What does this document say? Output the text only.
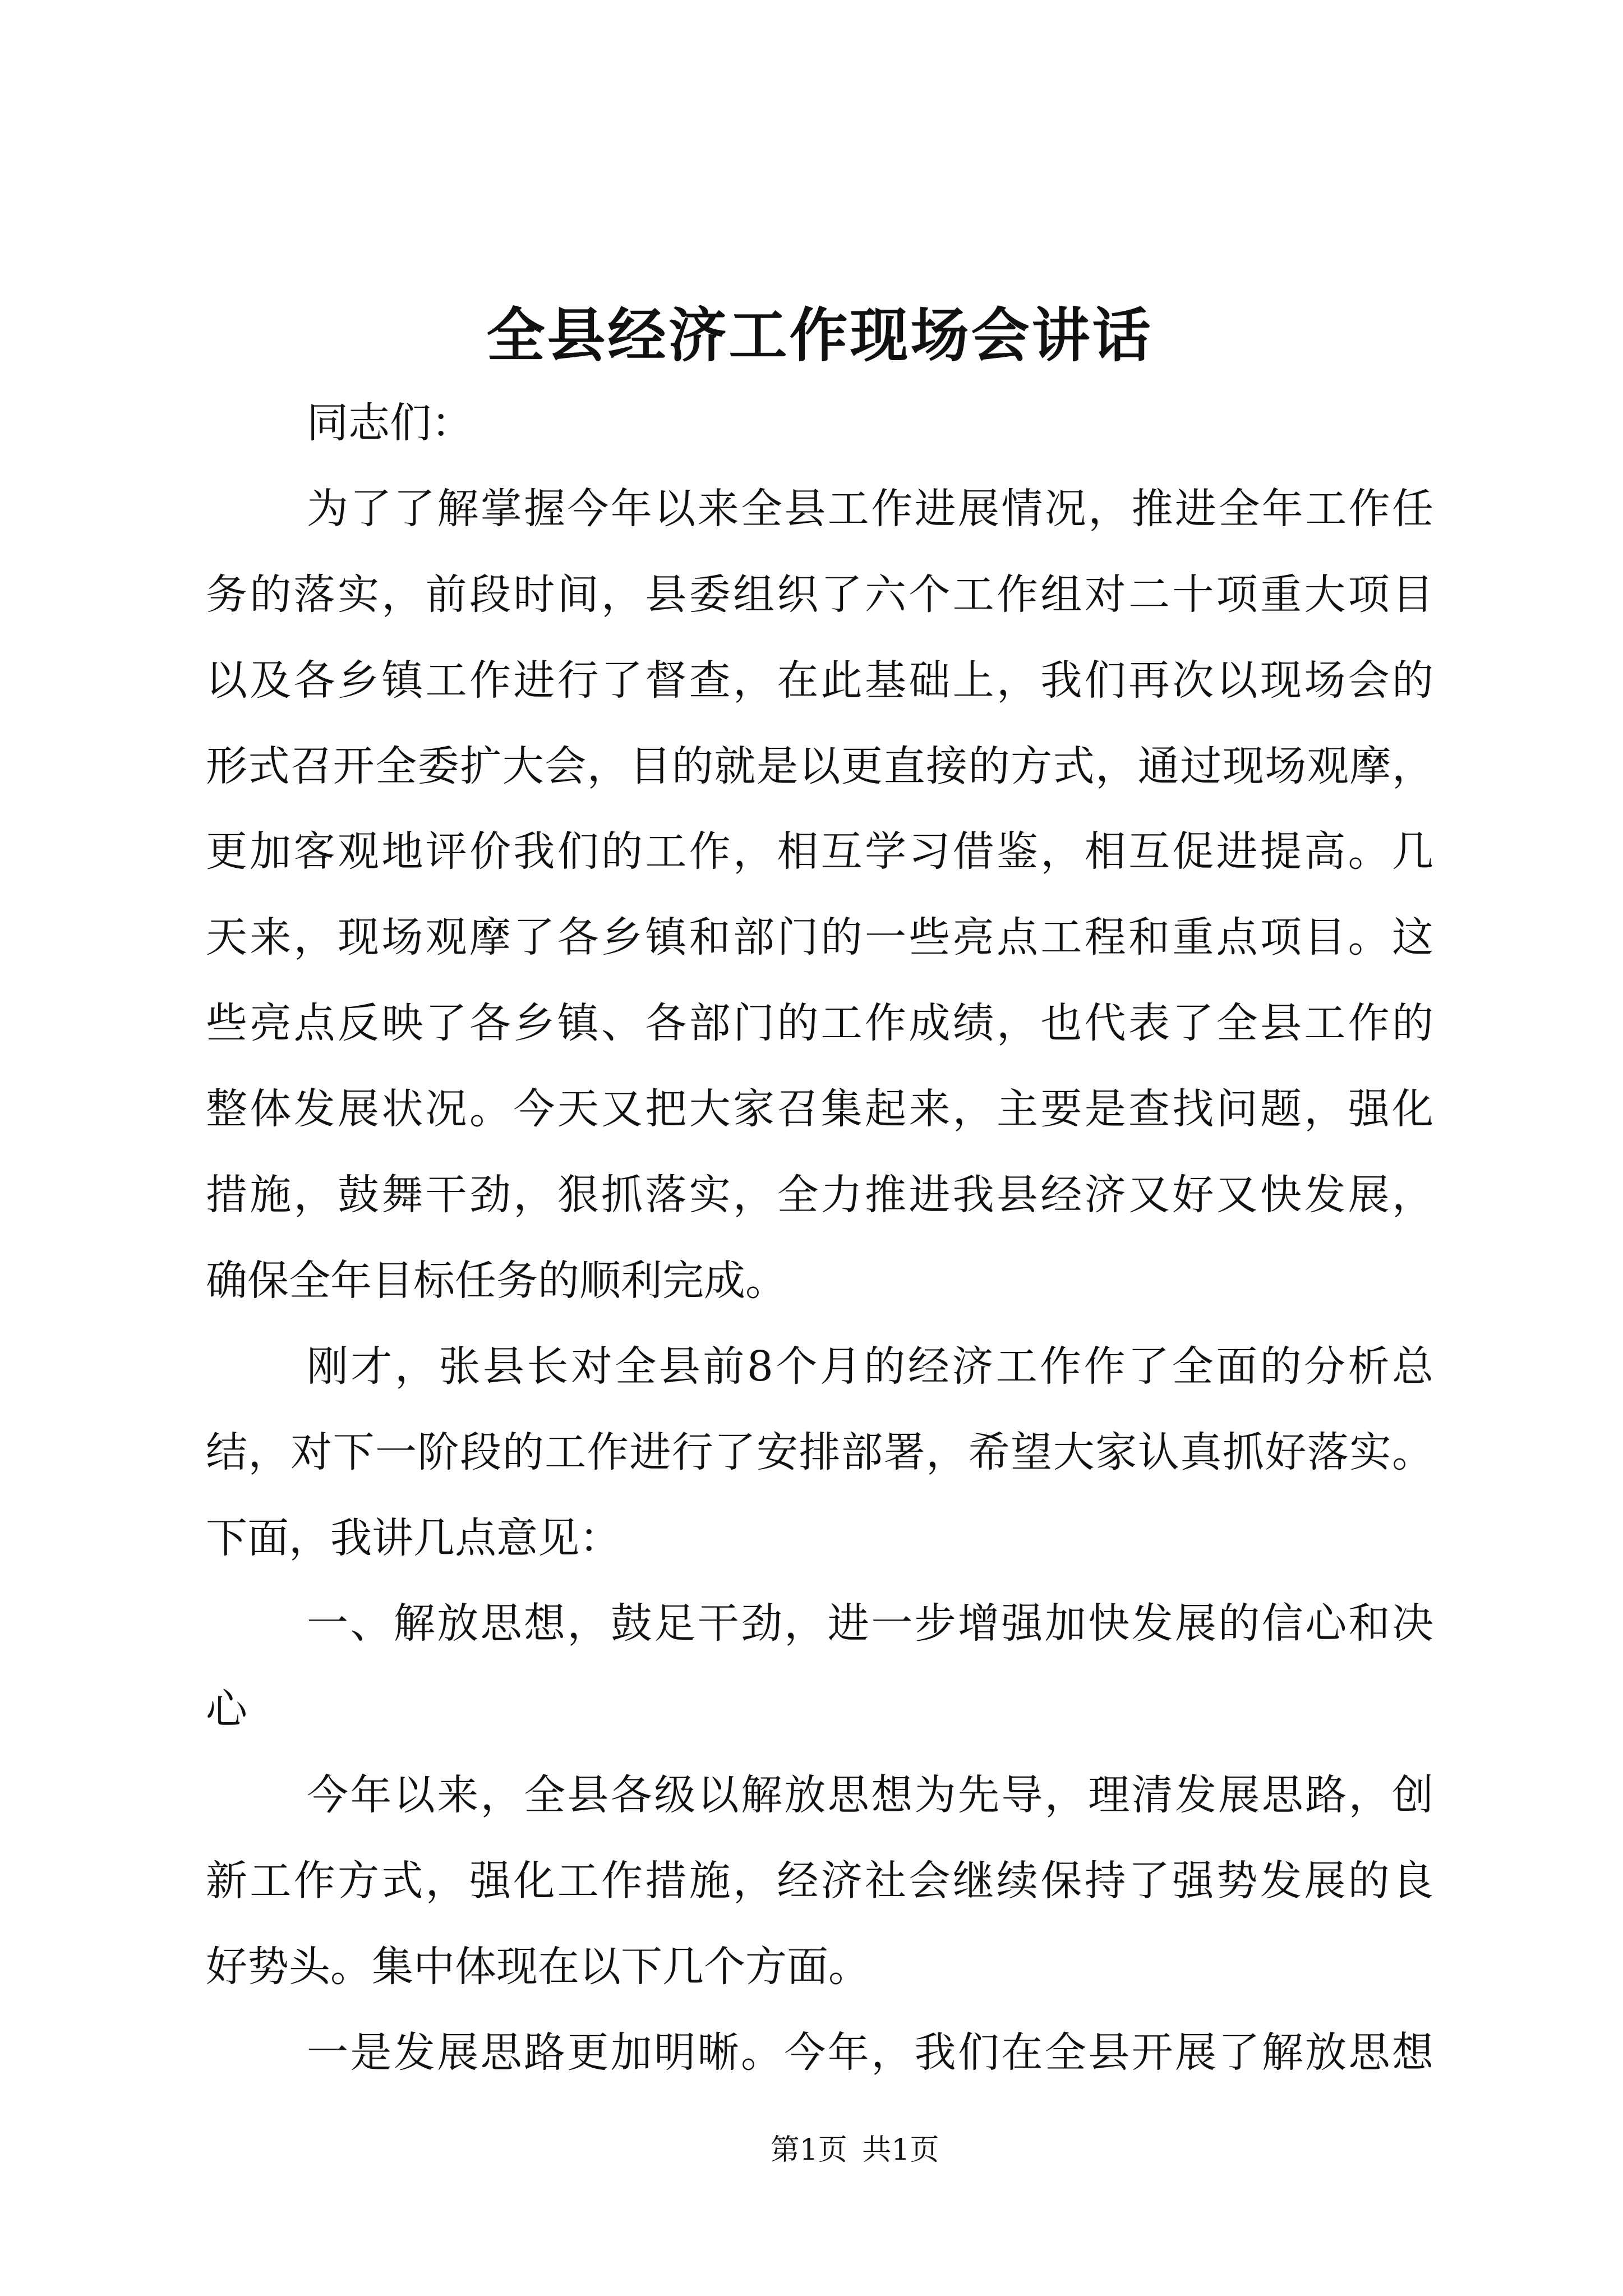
全县经济工作现场会讲话
同志们：
为了了解掌握今年以来全县工作进展情况，推进全年工作任
务的落实，前段时间，县委组织了六个工作组对二十项重大项目
以及各乡镇工作进行了督查，在此基础上，我们再次以现场会的
形式召开全委扩大会，目的就是以更直接的方式，通过现场观摩，
更加客观地评价我们的工作，相互学习借鉴，相互促进提高。几
天来，现场观摩了各乡镇和部门的一些亮点工程和重点项目。这
些亮点反映了各乡镇、各部门的工作成绩，也代表了全县工作的
整体发展状况。今天又把大家召集起来，主要是查找问题，强化
措施，鼓舞干劲，狠抓落实，全力推进我县经济又好又快发展，
确保全年目标任务的顺利完成。
刚才，张县长对全县前8个月的经济工作作了全面的分析总
结，对下一阶段的工作进行了安排部署，希望大家认真抓好落实。
下面，我讲几点意见：
一、解放思想，鼓足干劲，进一步增强加快发展的信心和决
心
今年以来，全县各级以解放思想为先导，理清发展思路，创
新工作方式，强化工作措施，经济社会继续保持了强势发展的良
好势头。集中体现在以下几个方面。
一是发展思路更加明晰。今年，我们在全县开展了解放思想
第1页 共1页
